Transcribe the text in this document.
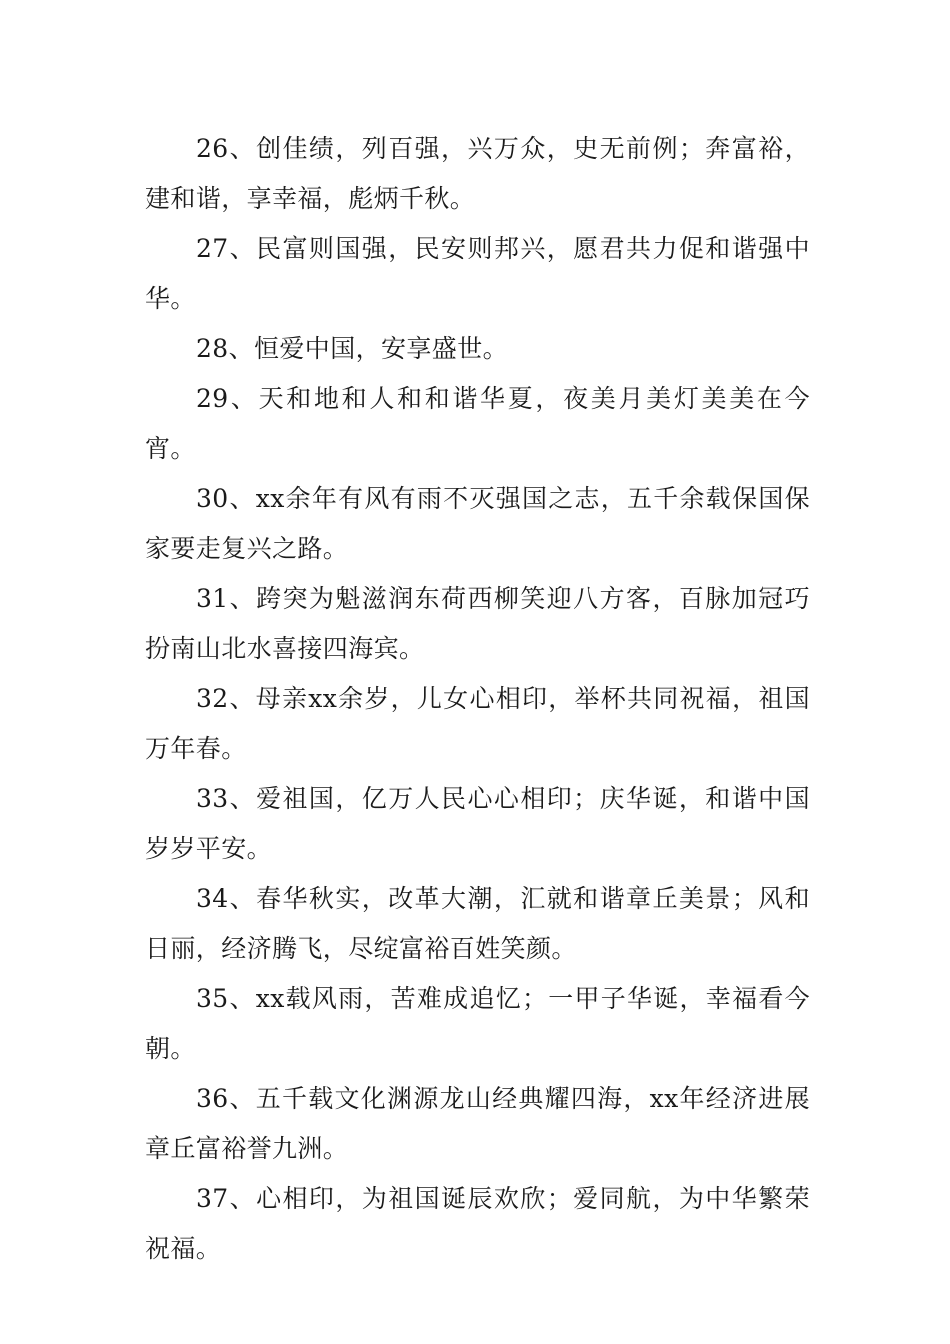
26、创佳绩，列百强，兴万众，史无前例；奔富裕，建和谐，享幸福，彪炳千秋。

27、民富则国强，民安则邦兴，愿君共力促和谐强中华。

28、恒爱中国，安享盛世。

29、天和地和人和和谐华夏，夜美月美灯美美在今宵。

30、xx余年有风有雨不灭强国之志，五千余载保国保家要走复兴之路。

31、跨突为魁滋润东荷西柳笑迎八方客，百脉加冠巧扮南山北水喜接四海宾。

32、母亲xx余岁，儿女心相印，举杯共同祝福，祖国万年春。

33、爱祖国，亿万人民心心相印；庆华诞，和谐中国岁岁平安。

34、春华秋实，改革大潮，汇就和谐章丘美景；风和日丽，经济腾飞，尽绽富裕百姓笑颜。

35、xx载风雨，苦难成追忆；一甲子华诞，幸福看今朝。

36、五千载文化渊源龙山经典耀四海，xx年经济进展章丘富裕誉九洲。

37、心相印，为祖国诞辰欢欣；爱同航，为中华繁荣祝福。
